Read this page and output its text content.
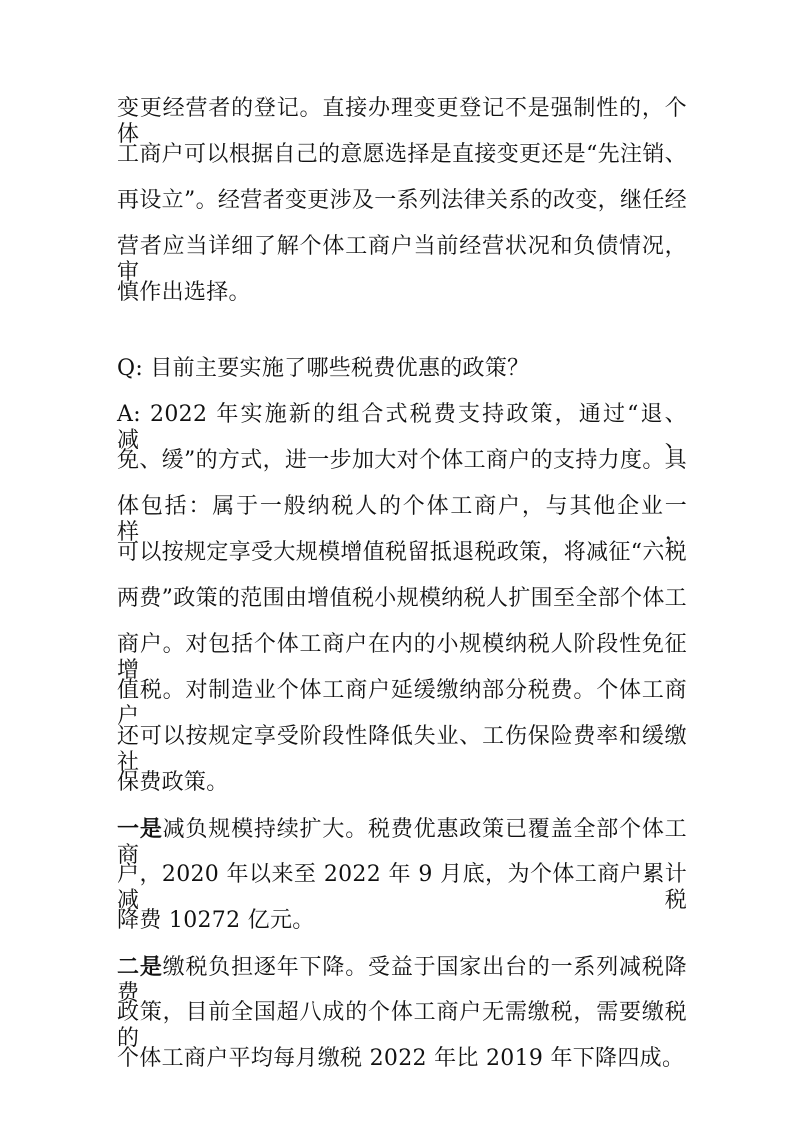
变更经营者的登记。直接办理变更登记不是强制性的，个体
工商户可以根据自己的意愿选择是直接变更还是“先注销、
再设立”。经营者变更涉及一系列法律关系的改变，继任经
营者应当详细了解个体工商户当前经营状况和负债情况，审
慎作出选择。
Q: 目前主要实施了哪些税费优惠的政策？
A: 2022 年实施新的组合式税费支持政策，通过“退、减、
免、缓”的方式，进一步加大对个体工商户的支持力度。具
体包括：属于一般纳税人的个体工商户，与其他企业一样，
可以按规定享受大规模增值税留抵退税政策，将减征“六税
两费”政策的范围由增值税小规模纳税人扩围至全部个体工
商户。对包括个体工商户在内的小规模纳税人阶段性免征增
值税。对制造业个体工商户延缓缴纳部分税费。个体工商户
还可以按规定享受阶段性降低失业、工伤保险费率和缓缴社
保费政策。
一是减负规模持续扩大。税费优惠政策已覆盖全部个体工商
户，2020 年以来至 2022 年 9 月底，为个体工商户累计减税
降费 10272 亿元。
二是缴税负担逐年下降。受益于国家出台的一系列减税降费
政策，目前全国超八成的个体工商户无需缴税，需要缴税的
个体工商户平均每月缴税 2022 年比 2019 年下降四成。
